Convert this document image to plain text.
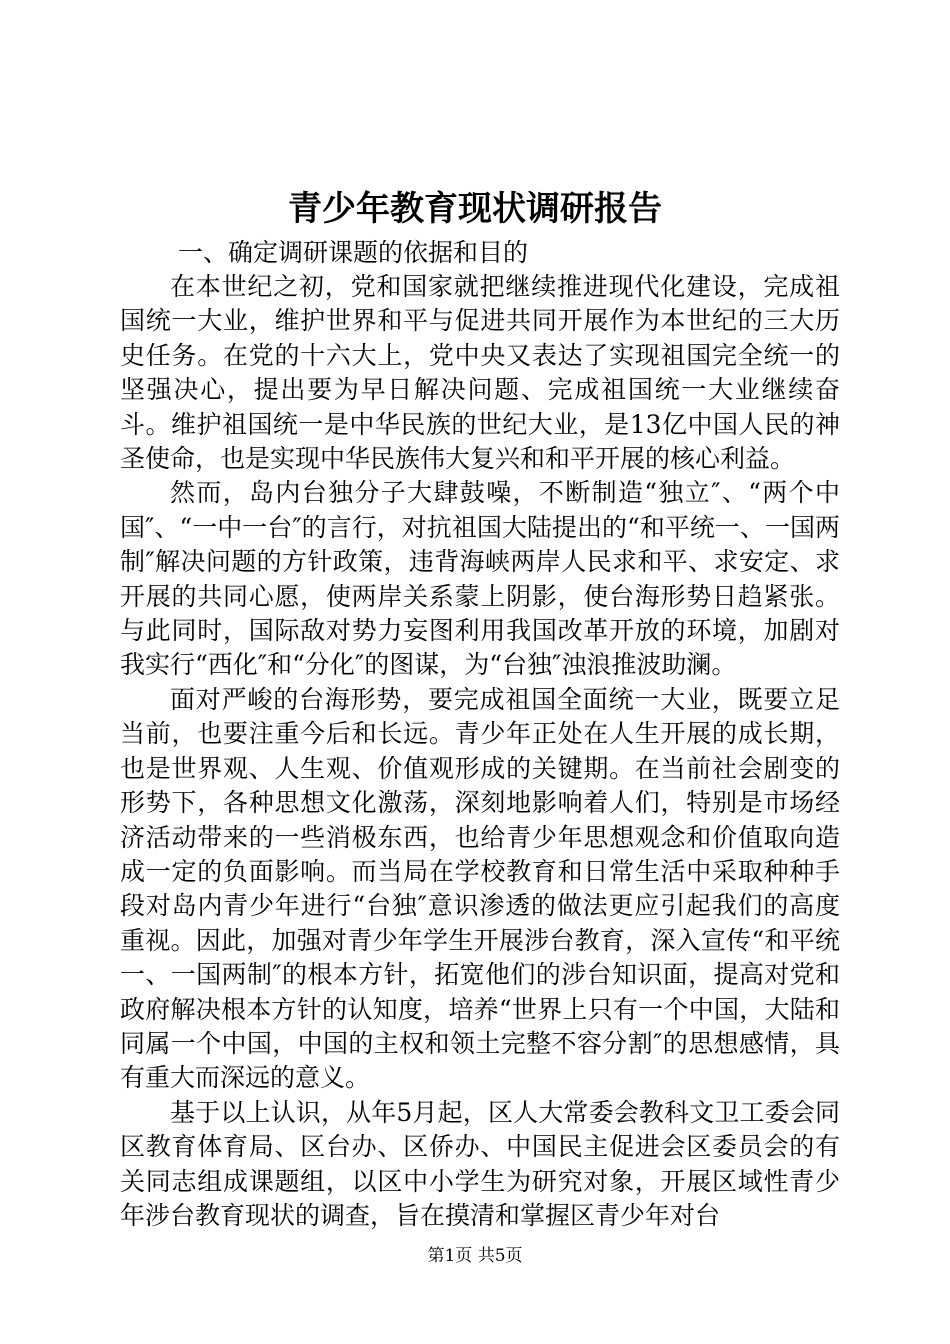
青少年教育现状调研报告

一、确定调研课题的依据和目的

在本世纪之初，党和国家就把继续推进现代化建设，完成祖国统一大业，维护世界和平与促进共同开展作为本世纪的三大历史任务。在党的十六大上，党中央又表达了实现祖国完全统一的坚强决心，提出要为早日解决问题、完成祖国统一大业继续奋斗。维护祖国统一是中华民族的世纪大业，是13亿中国人民的神圣使命，也是实现中华民族伟大复兴和和平开展的核心利益。

然而，岛内台独分子大肆鼓噪，不断制造“独立″、“两个中国″、“一中一台″的言行，对抗祖国大陆提出的“和平统一、一国两制″解决问题的方针政策，违背海峡两岸人民求和平、求安定、求开展的共同心愿，使两岸关系蒙上阴影，使台海形势日趋紧张。与此同时，国际敌对势力妄图利用我国改革开放的环境，加剧对我实行“西化″和“分化″的图谋，为“台独″浊浪推波助澜。

面对严峻的台海形势，要完成祖国全面统一大业，既要立足当前，也要注重今后和长远。青少年正处在人生开展的成长期，也是世界观、人生观、价值观形成的关键期。在当前社会剧变的形势下，各种思想文化激荡，深刻地影响着人们，特别是市场经济活动带来的一些消极东西，也给青少年思想观念和价值取向造成一定的负面影响。而当局在学校教育和日常生活中采取种种手段对岛内青少年进行“台独″意识渗透的做法更应引起我们的高度重视。因此，加强对青少年学生开展涉台教育，深入宣传“和平统一、一国两制″的根本方针，拓宽他们的涉台知识面，提高对党和政府解决根本方针的认知度，培养“世界上只有一个中国，大陆和同属一个中国，中国的主权和领土完整不容分割″的思想感情，具有重大而深远的意义。

基于以上认识，从年5月起，区人大常委会教科文卫工委会同区教育体育局、区台办、区侨办、中国民主促进会区委员会的有关同志组成课题组，以区中小学生为研究对象，开展区域性青少年涉台教育现状的调查，旨在摸清和掌握区青少年对台

第1页 共5页
